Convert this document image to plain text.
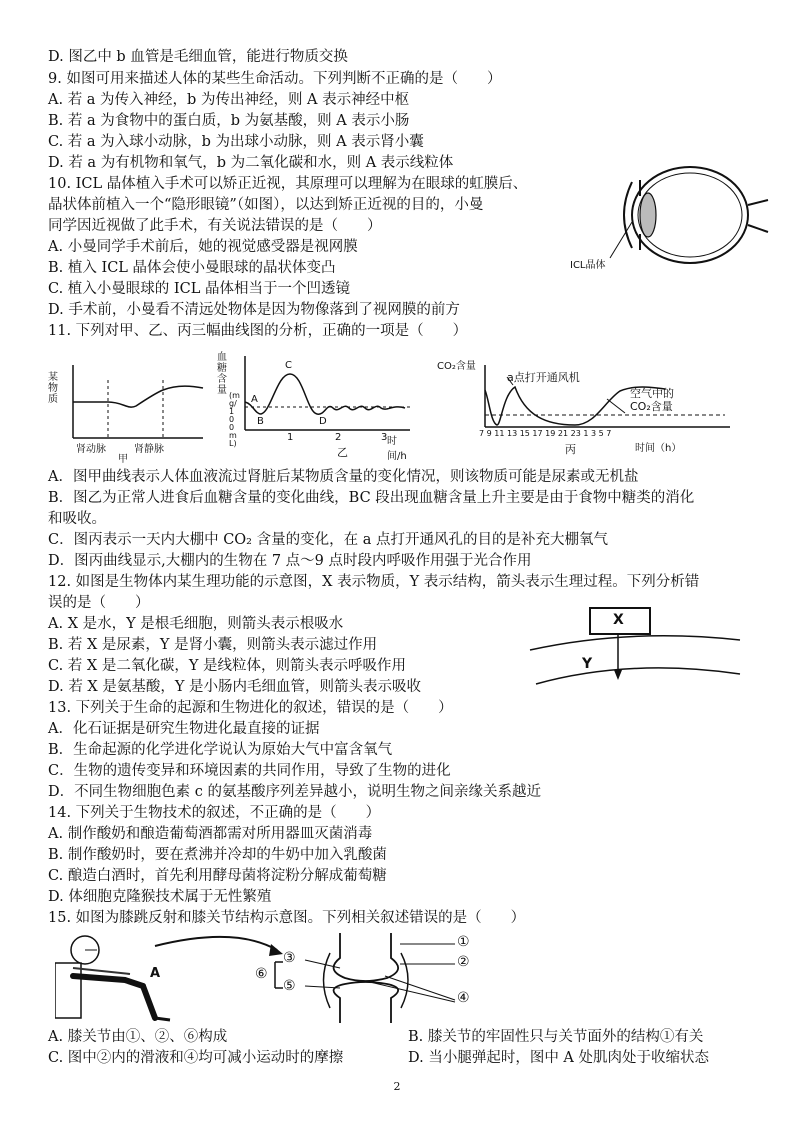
D. 图乙中 b 血管是毛细血管，能进行物质交换
9. 如图可用来描述人体的某些生命活动。下列判断不正确的是（　　）
A. 若 a 为传入神经，b 为传出神经，则 A 表示神经中枢
B. 若 a 为食物中的蛋白质，b 为氨基酸，则 A 表示小肠
C. 若 a 为入球小动脉，b 为出球小动脉，则 A 表示肾小囊
D. 若 a 为有机物和氧气，b 为二氧化碳和水，则 A 表示线粒体
10. ICL 晶体植入手术可以矫正近视，其原理可以理解为在眼球的虹膜后、
晶状体前植入一个“隐形眼镜”（如图），以达到矫正近视的目的，小曼
同学因近视做了此手术，有关说法错误的是（　　）
A. 小曼同学手术前后，她的视觉感受器是视网膜
B. 植入 ICL 晶体会使小曼眼球的晶状体变凸
C. 植入小曼眼球的 ICL 晶体相当于一个凹透镜
D. 手术前，小曼看不清远处物体是因为物像落到了视网膜的前方
ICL晶体
11. 下列对甲、乙、丙三幅曲线图的分析，正确的一项是（　　）
某物质
肾动脉	肾静脉
甲
血糖含量 (mg/100mL)
A
B
C
D
1	2	3 时间/h
乙
CO₂含量
a点打开通风机
空气中的
CO₂含量
7 9 11 13 15 17 19 21 23 1 3 5 7
时间（h）
丙
A．图甲曲线表示人体血液流过肾脏后某物质含量的变化情况，则该物质可能是尿素或无机盐
B．图乙为正常人进食后血糖含量的变化曲线，BC 段出现血糖含量上升主要是由于食物中糖类的消化
和吸收。
C．图丙表示一天内大棚中 CO₂ 含量的变化，在 a 点打开通风孔的目的是补充大棚氧气
D．图丙曲线显示,大棚内的生物在 7 点～9 点时段内呼吸作用强于光合作用
12. 如图是生物体内某生理功能的示意图，X 表示物质，Y 表示结构，箭头表示生理过程。下列分析错
误的是（　　）
A. X 是水，Y 是根毛细胞，则箭头表示根吸水
B. 若 X 是尿素，Y 是肾小囊，则箭头表示滤过作用
C. 若 X 是二氧化碳，Y 是线粒体，则箭头表示呼吸作用
D. 若 X 是氨基酸，Y 是小肠内毛细血管，则箭头表示吸收
X
Y
13. 下列关于生命的起源和生物进化的叙述，错误的是（　　）
A．化石证据是研究生物进化最直接的证据
B．生命起源的化学进化学说认为原始大气中富含氧气
C．生物的遗传变异和环境因素的共同作用，导致了生物的进化
D．不同生物细胞色素 c 的氨基酸序列差异越小，说明生物之间亲缘关系越近
14. 下列关于生物技术的叙述，不正确的是（　　）
A. 制作酸奶和酿造葡萄酒都需对所用器皿灭菌消毒
B. 制作酸奶时，要在煮沸并冷却的牛奶中加入乳酸菌
C. 酿造白酒时，首先利用酵母菌将淀粉分解成葡萄糖
D. 体细胞克隆猴技术属于无性繁殖
15. 如图为膝跳反射和膝关节结构示意图。下列相关叙述错误的是（　　）
A
③
⑥
⑤
①
②
④
A. 膝关节由①、②、⑥构成	B. 膝关节的牢固性只与关节面外的结构①有关
C. 图中②内的滑液和④均可减小运动时的摩擦	D. 当小腿弹起时，图中 A 处肌肉处于收缩状态
2
